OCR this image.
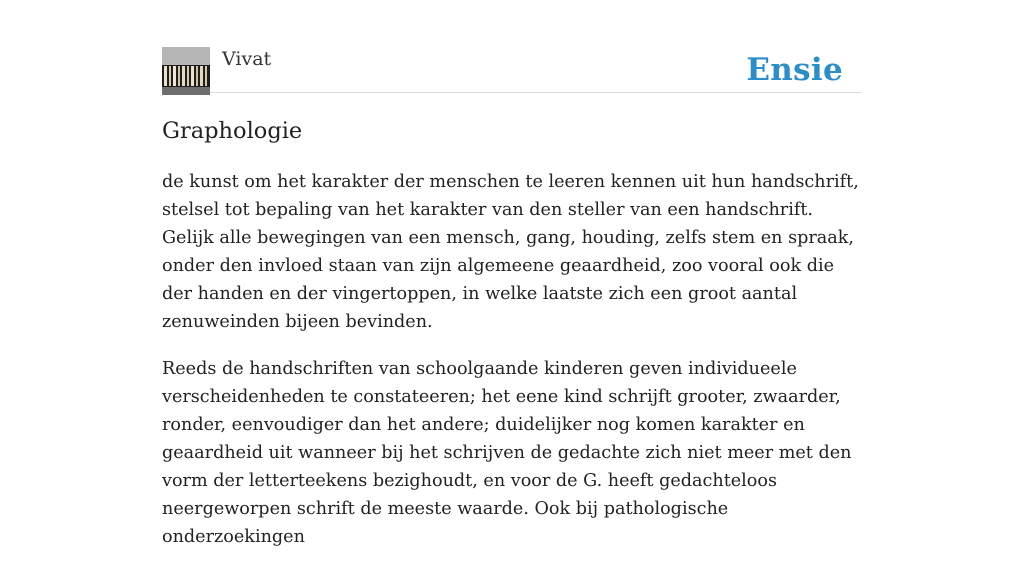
Vivat	Ensie
Graphologie

de kunst om het karakter der menschen te leeren kennen uit hun handschrift, stelsel tot bepaling van het karakter van den steller van een handschrift. Gelijk alle bewegingen van een mensch, gang, houding, zelfs stem en spraak, onder den invloed staan van zijn algemeene geaardheid, zoo vooral ook die der handen en der vingertoppen, in welke laatste zich een groot aantal zenuweinden bijeen bevinden.

Reeds de handschriften van schoolgaande kinderen geven individueele verscheidenheden te constateeren; het eene kind schrijft grooter, zwaarder, ronder, eenvoudiger dan het andere; duidelijker nog komen karakter en geaardheid uit wanneer bij het schrijven de gedachte zich niet meer met den vorm der letterteekens bezighoudt, en voor de G. heeft gedachteloos neergeworpen schrift de meeste waarde. Ook bij pathologische onderzoekingen
